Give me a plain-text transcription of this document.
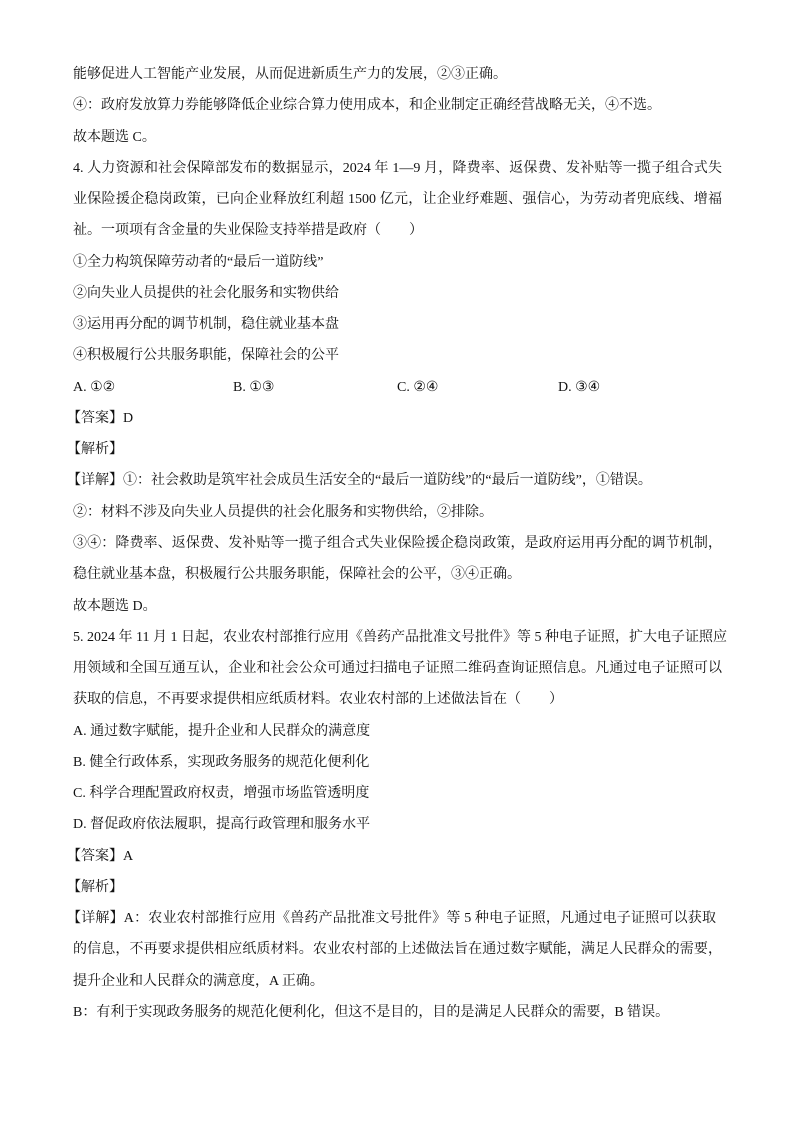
能够促进人工智能产业发展，从而促进新质生产力的发展，②③正确。
④：政府发放算力券能够降低企业综合算力使用成本，和企业制定正确经营战略无关，④不选。
故本题选 C。
4. 人力资源和社会保障部发布的数据显示，2024 年 1—9 月，降费率、返保费、发补贴等一揽子组合式失
业保险援企稳岗政策，已向企业释放红利超 1500 亿元，让企业纾难题、强信心，为劳动者兜底线、增福
祉。一项项有含金量的失业保险支持举措是政府（　　）
①全力构筑保障劳动者的“最后一道防线”
②向失业人员提供的社会化服务和实物供给
③运用再分配的调节机制，稳住就业基本盘
④积极履行公共服务职能，保障社会的公平
A. ①②	B. ①③	C. ②④	D. ③④
【答案】D
【解析】
【详解】①：社会救助是筑牢社会成员生活安全的“最后一道防线”的“最后一道防线”，①错误。
②：材料不涉及向失业人员提供的社会化服务和实物供给，②排除。
③④：降费率、返保费、发补贴等一揽子组合式失业保险援企稳岗政策，是政府运用再分配的调节机制，
稳住就业基本盘，积极履行公共服务职能，保障社会的公平，③④正确。
故本题选 D。
5. 2024 年 11 月 1 日起，农业农村部推行应用《兽药产品批准文号批件》等 5 种电子证照，扩大电子证照应
用领域和全国互通互认，企业和社会公众可通过扫描电子证照二维码查询证照信息。凡通过电子证照可以
获取的信息，不再要求提供相应纸质材料。农业农村部的上述做法旨在（　　）
A. 通过数字赋能，提升企业和人民群众的满意度
B. 健全行政体系，实现政务服务的规范化便利化
C. 科学合理配置政府权责，增强市场监管透明度
D. 督促政府依法履职，提高行政管理和服务水平
【答案】A
【解析】
【详解】A：农业农村部推行应用《兽药产品批准文号批件》等 5 种电子证照，凡通过电子证照可以获取
的信息，不再要求提供相应纸质材料。农业农村部的上述做法旨在通过数字赋能，满足人民群众的需要，
提升企业和人民群众的满意度，A 正确。
B：有利于实现政务服务的规范化便利化，但这不是目的，目的是满足人民群众的需要，B 错误。
